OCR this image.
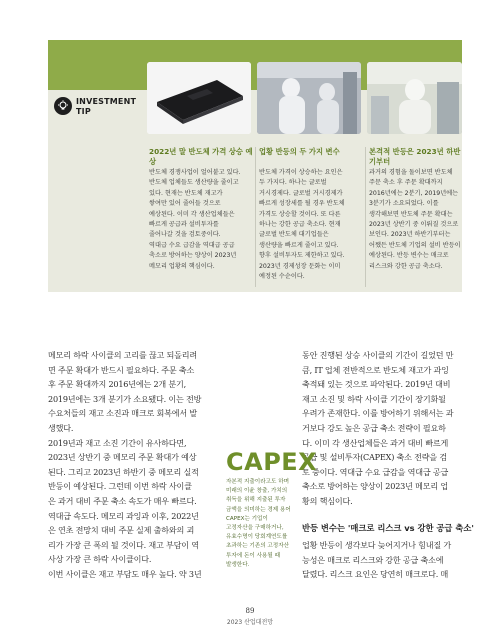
INVESTMENT
TIP
2022년 말 반도체 가격 상승 예상
반도체 경쟁사업이 얼어붙고 있다.
반도체 업체들도 생산량을 줄이고
있다. 현재는 반도체 재고가
쌓여만 있어 줄어들 것으로
예상된다. 이미 각 생산업체들은
빠르게 공급과 설비투자를
줄어나갈 것을 검토중이다.
역대급 수요 급감을 역대급 공급
축소로 방어하는 양상이 2023년
메모리 업황의 핵심이다.
업황 반등의 두 가지 변수
반도체 가격이 상승하는 요인은
두 가지다. 하나는 글로벌
거시경제다. 글로벌 거시경제가
빠르게 성장세를 될 경우 반도체
가격도 상승할 것이다. 또 다른
하나는 강한 공급 축소다. 현재
글로벌 반도체 대기업들은
생산량을 빠르게 줄이고 있다.
향후 설비투자도 제한하고 있다.
2023년 경제성장 둔화는 이미
예정된 수순이다.
본격적 반등은 2023년 하반기부터
과거의 경험을 돌이보면 반도체
주문 축소 후 주문 확대까지
2016년에는 2분기, 2019년에는
3분기가 소요되었다. 이를
생각해보면 반도체 주문 확대는
2023년 상반기 중 이뤄질 것으로
보인다. 2023년 하반기부터는
어쨌든 반도체 기업의 설비 반등이
예상된다. 반등 변수는 매크로
리스크와 강한 공급 축소다.
메모리 하락 사이클의 고리를 끊고 되돌리려
면 주문 확대가 반드시 필요하다. 주문 축소
후 주문 확대까지 2016년에는 2개 분기,
2019년에는 3개 분기가 소요됐다. 이는 전방
수요처들의 재고 소진과 매크로 회복에서 발
생했다.
2019년과 재고 소진 기간이 유사하다면,
2023년 상반기 중 메모리 주문 확대가 예상
된다. 그리고 2023년 하반기 중 메모리 실적
반등이 예상된다. 그런데 이번 하락 사이클
은 과거 대비 주문 축소 속도가 매우 빠르다.
역대급 속도다. 메모리 과잉과 이후, 2022년
은 연초 전망치 대비 주문 실제 출하와의 괴
리가 가장 큰 폭의 될 것이다. 재고 부담이 역
사상 가장 큰 하락 사이클이다.
이번 사이클은 재고 부담도 매우 높다. 약 3년
동안 진행된 상승 사이클의 기간이 길었던 만
큼, IT 업체 전반적으로 반도체 재고가 과잉
축적돼 있는 것으로 파악된다. 2019년 대비
재고 소진 및 하락 사이클 기간이 장기화될
우려가 존재한다. 이를 방어하기 위해서는 과
거보다 강도 높은 공급 축소 전략이 필요하
다. 이미 각 생산업체들은 과거 대비 빠르게
공급 및 설비투자(CAPEX) 축소 전략을 검
토 중이다. 역대급 수요 급감을 역대급 공급
축소로 방어하는 양상이 2023년 메모리 업
황의 핵심이다.
반등 변수는 '매크로 리스크 vs 강한 공급 축소'
업황 반등이 생각보다 늦어지거나 힘내질 가
능성은 매크로 리스크와 강한 공급 축소에
달렸다. 리스크 요인은 당연히 매크로다. 매
CAPEX
자본적 지출이라고도 하며
미래의 이윤 창출, 가치의
취득을 위해 지출된 투자
금액을 의미하는 경제 용어
CAPEX는 기업이
고정자산을 구매하거나,
유효수명이 당회계연도를
초과하는 기존의 고정자산
투자에 돈이 사용될 때
발생한다.
89
2023 산업대전망
